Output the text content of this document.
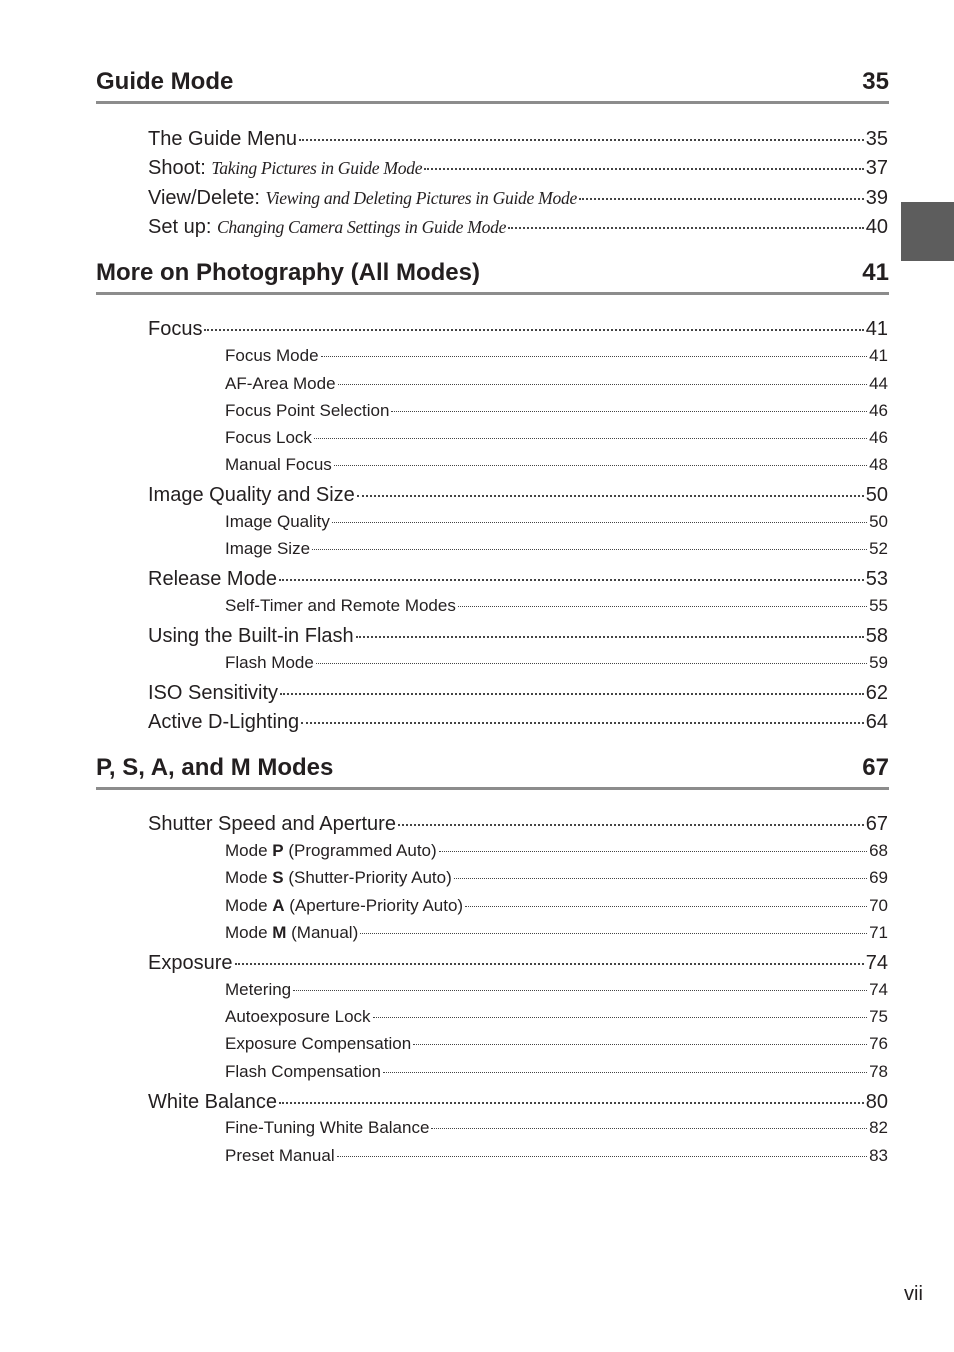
Guide Mode	35
The Guide Menu	35
Shoot: Taking Pictures in Guide Mode	37
View/Delete: Viewing and Deleting Pictures in Guide Mode	39
Set up: Changing Camera Settings in Guide Mode	40
More on Photography (All Modes)	41
Focus	41
Focus Mode	41
AF-Area Mode	44
Focus Point Selection	46
Focus Lock	46
Manual Focus	48
Image Quality and Size	50
Image Quality	50
Image Size	52
Release Mode	53
Self-Timer and Remote Modes	55
Using the Built-in Flash	58
Flash Mode	59
ISO Sensitivity	62
Active D-Lighting	64
P, S, A, and M Modes	67
Shutter Speed and Aperture	67
Mode P (Programmed Auto)	68
Mode S (Shutter-Priority Auto)	69
Mode A (Aperture-Priority Auto)	70
Mode M (Manual)	71
Exposure	74
Metering	74
Autoexposure Lock	75
Exposure Compensation	76
Flash Compensation	78
White Balance	80
Fine-Tuning White Balance	82
Preset Manual	83
vii
